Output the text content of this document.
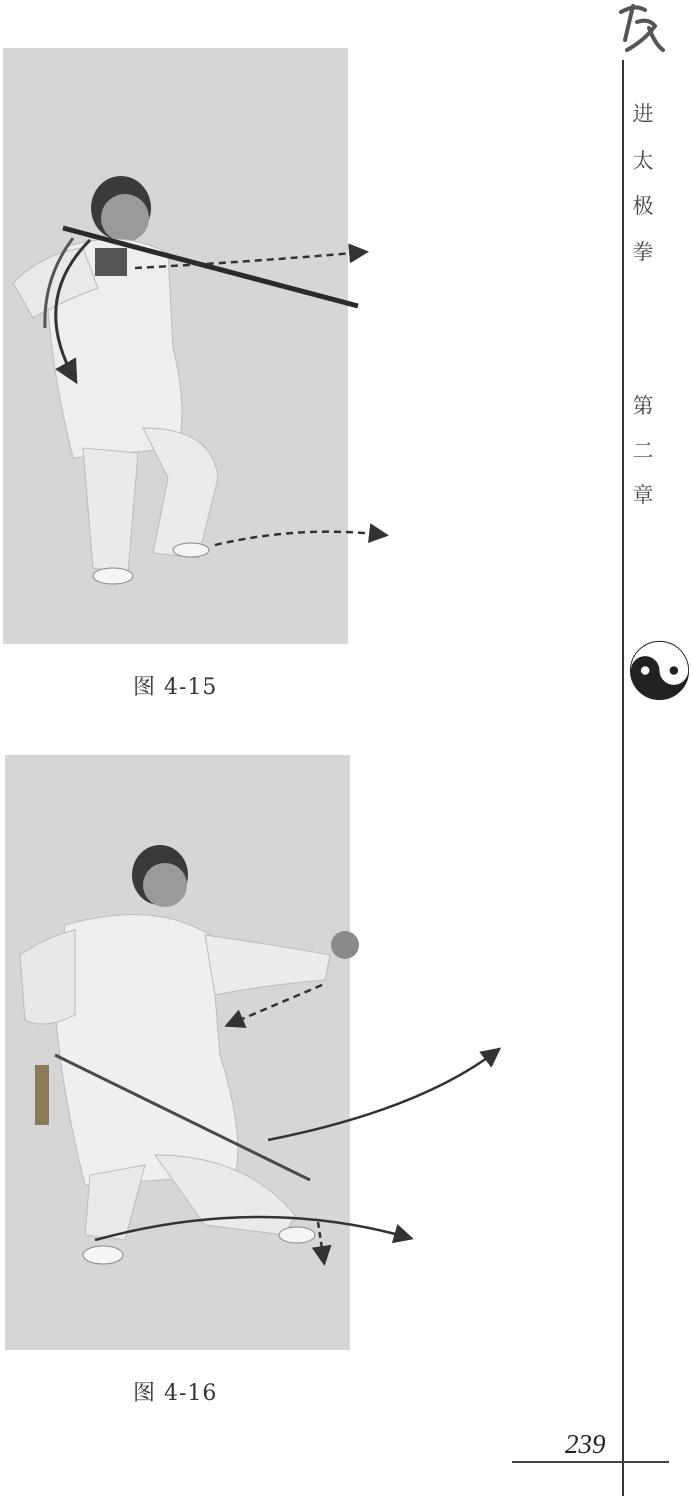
图 4-15
图 4-16
进
太
极
拳
第
二
章
239
